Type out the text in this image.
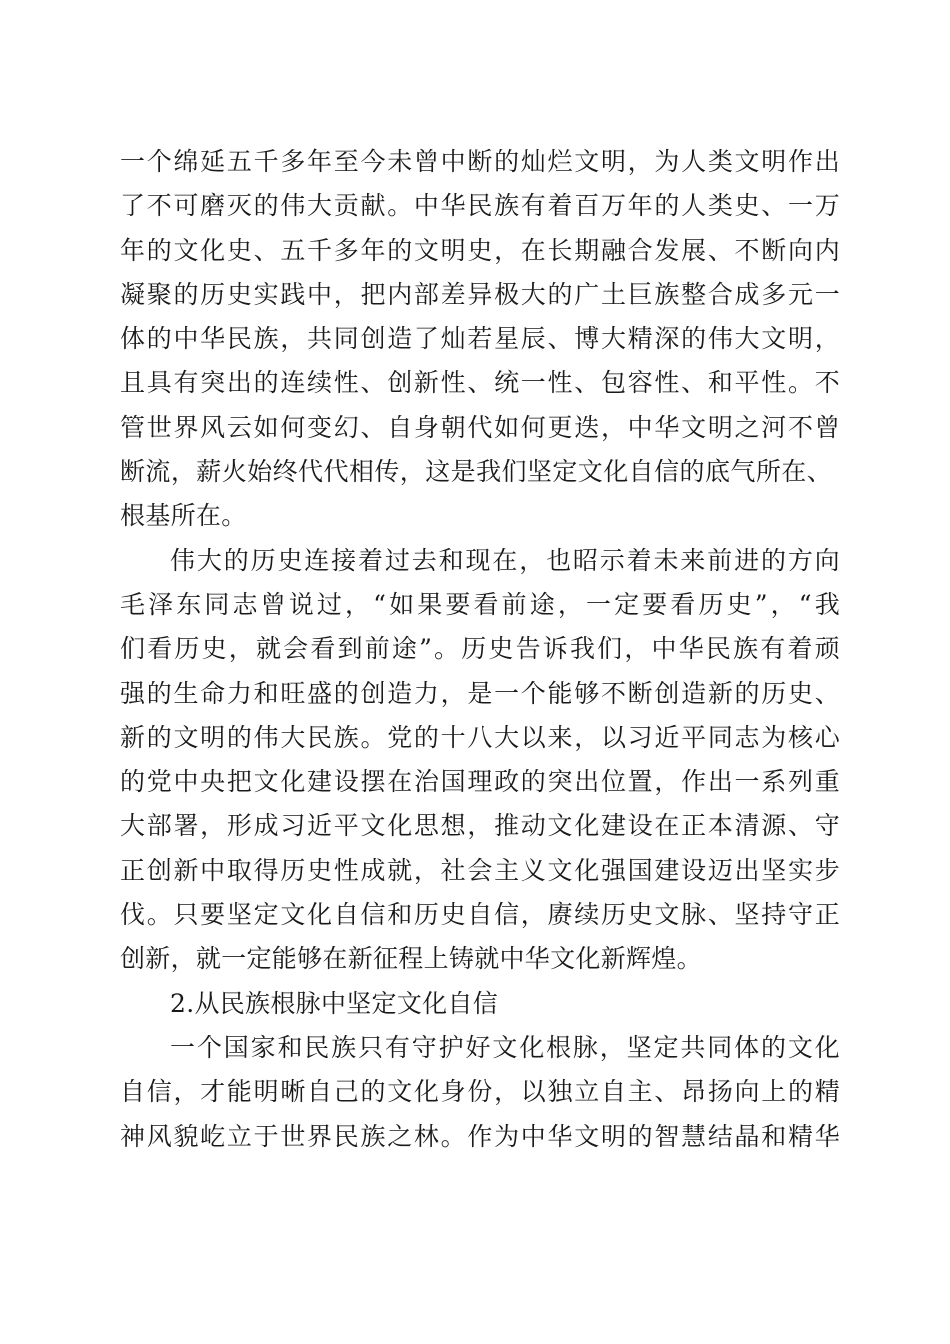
一个绵延五千多年至今未曾中断的灿烂文明，为人类文明作出
了不可磨灭的伟大贡献。中华民族有着百万年的人类史、一万
年的文化史、五千多年的文明史，在长期融合发展、不断向内
凝聚的历史实践中，把内部差异极大的广土巨族整合成多元一
体的中华民族，共同创造了灿若星辰、博大精深的伟大文明，
且具有突出的连续性、创新性、统一性、包容性、和平性。不
管世界风云如何变幻、自身朝代如何更迭，中华文明之河不曾
断流，薪火始终代代相传，这是我们坚定文化自信的底气所在、
根基所在。
伟大的历史连接着过去和现在，也昭示着未来前进的方向
毛泽东同志曾说过，“如果要看前途，一定要看历史”，“我
们看历史，就会看到前途”。历史告诉我们，中华民族有着顽
强的生命力和旺盛的创造力，是一个能够不断创造新的历史、
新的文明的伟大民族。党的十八大以来，以习近平同志为核心
的党中央把文化建设摆在治国理政的突出位置，作出一系列重
大部署，形成习近平文化思想，推动文化建设在正本清源、守
正创新中取得历史性成就，社会主义文化强国建设迈出坚实步
伐。只要坚定文化自信和历史自信，赓续历史文脉、坚持守正
创新，就一定能够在新征程上铸就中华文化新辉煌。
2.从民族根脉中坚定文化自信
一个国家和民族只有守护好文化根脉，坚定共同体的文化
自信，才能明晰自己的文化身份，以独立自主、昂扬向上的精
神风貌屹立于世界民族之林。作为中华文明的智慧结晶和精华
